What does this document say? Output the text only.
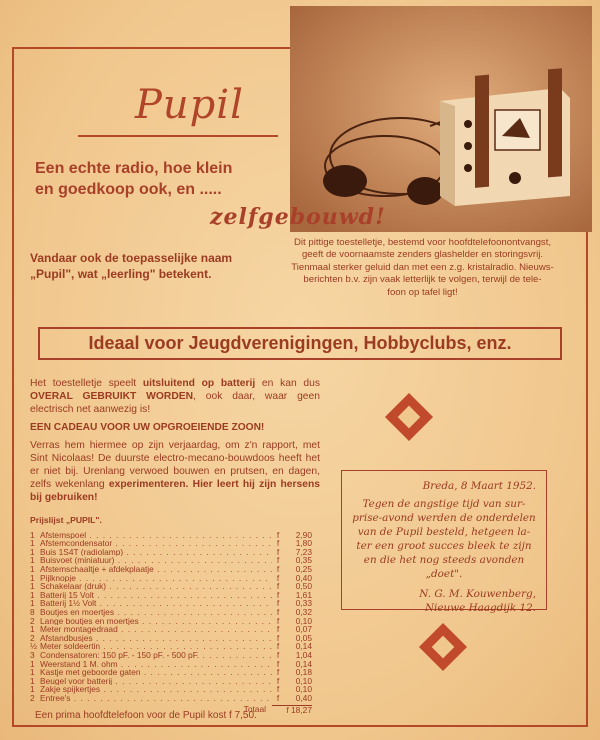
Pupil
Een echte radio, hoe klein
en goedkoop ook, en .....
zelfgebouwd!
Vandaar ook de toepasselijke naam
„Pupil", wat „leerling" betekent.
Dit pittige toestelletje, bestemd voor hoofdtelefoonontvangst,
geeft de voornaamste zenders glashelder en storingsvrij.
Tienmaal sterker geluid dan met een z.g. kristalradio. Nieuws-
berichten b.v. zijn vaak letterlijk te volgen, terwijl de tele-
foon op tafel ligt!
Ideaal voor Jeugdverenigingen, Hobbyclubs, enz.

Het toestelletje speelt uitsluitend op batterij en kan dus OVERAL GEBRUIKT WORDEN, ook daar, waar geen electrisch net aanwezig is!

EEN CADEAU VOOR UW OPGROEIENDE ZOON!

Verras hem hiermee op zijn verjaardag, om z'n rapport, met Sint Nicolaas! De duurste electro-mecano-bouwdoos heeft het er niet bij. Urenlang verwoed bouwen en prutsen, en dagen, zelfs wekenlang experimenteren. Hier leert hij zijn hersens bij gebruiken!

Prijslijst „PUPIL".
1 Afstemspoel . . .	f	2,90
1 Afstemcondensator . . .	f	1,80
1 Buis 1S4T (radiolamp) . . .	f	7,23
1 Buisvoet (miniatuur) . . .	f	0,35
1 Afstemschaaltje + afdekplaatje . . .	f	0,25
1 Pijlknopje . . .	f	0,40
1 Schakelaar (druk) . . .	f	0,50
1 Batterij 15 Volt . . .	f	1,61
1 Batterij 1½ Volt . . .	f	0,33
8 Boutjes en moertjes . . .	f	0,32
2 Lange boutjes en moertjes . . .	f	0,10
1 Meter montagedraad . . .	f	0,07
2 Afstandbusjes . . .	f	0,05
½ Meter soldeertin . . .	f	0,14
3 Condensatoren: 150 pF. - 150 pF. - 500 pF. . . .	f	1,04
1 Weerstand 1 M. ohm . . .	f	0,14
1 Kastje met geboorde gaten . . .	f	0,18
1 Beugel voor batterij . . .	f	0,10
1 Zakje spijkertjes . . .	f	0,10
2 Entree's . . .	f	0,40
Totaal	f 18,27
Een prima hoofdtelefoon voor de Pupil kost f 7,50.
Breda, 8 Maart 1952.
Tegen de angstige tijd van sur-
prise-avond werden de onderdelen
van de Pupil besteld, hetgeen la-
ter een groot succes bleek te zijn
en die het nog steeds avonden
„doet".
N. G. M. Kouwenberg,
Nieuwe Haagdijk 12.
